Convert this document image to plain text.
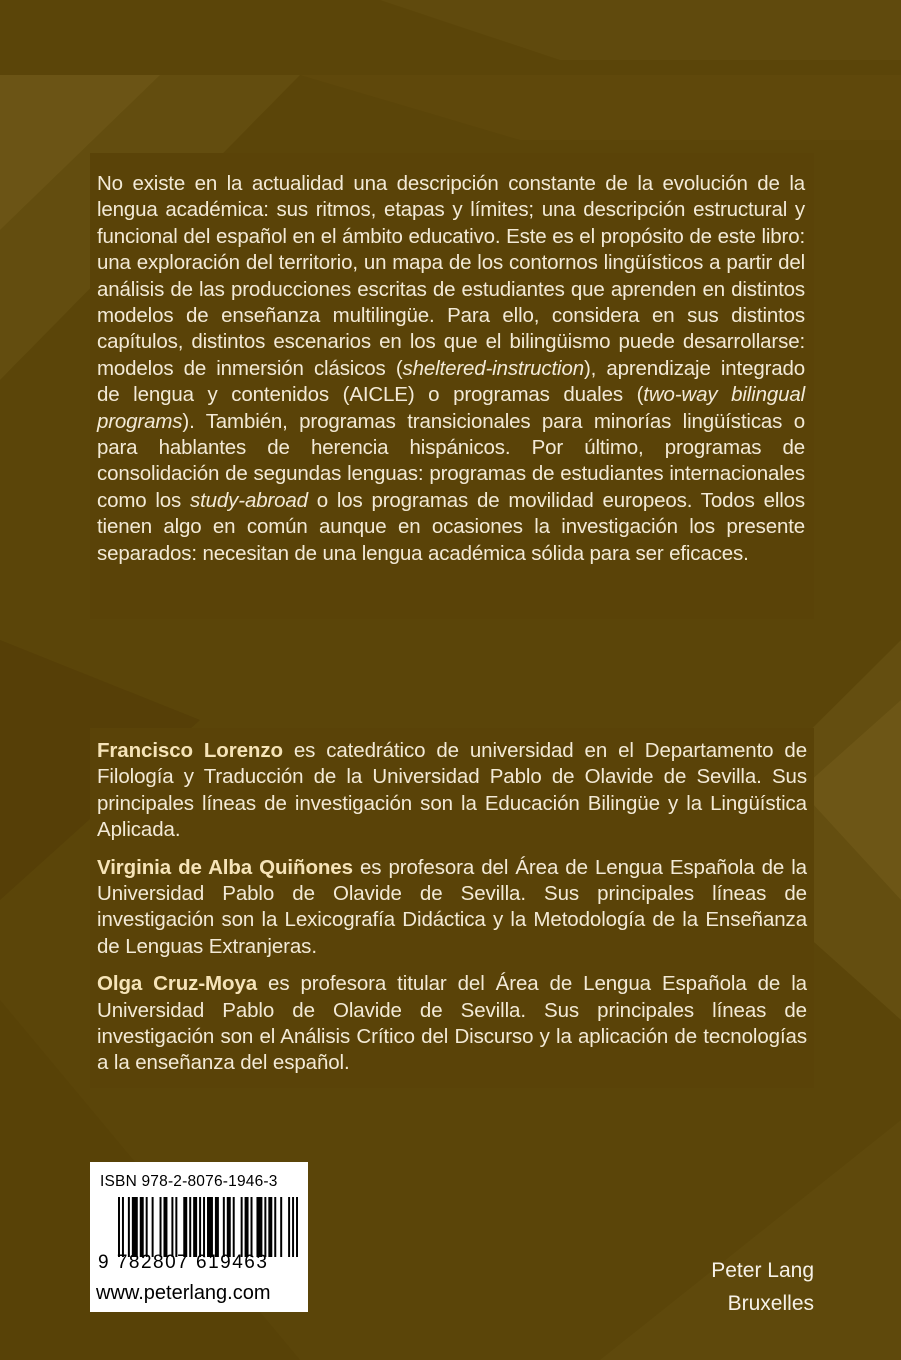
No existe en la actualidad una descripción constante de la evolución de la lengua académica: sus ritmos, etapas y límites; una descripción estructural y funcional del español en el ámbito educativo. Este es el propósito de este libro: una exploración del territorio, un mapa de los contornos lingüísticos a partir del análisis de las producciones escritas de estudiantes que aprenden en distintos modelos de enseñanza multilingüe. Para ello, considera en sus distintos capítulos, distintos escenarios en los que el bilingüismo puede desarrollarse: modelos de inmersión clásicos (sheltered-instruction), aprendizaje integrado de lengua y contenidos (AICLE) o programas duales (two-way bilingual programs). También, programas transicionales para minorías lingüísticas o para hablantes de herencia hispánicos. Por último, programas de consolidación de segundas lenguas: programas de estudiantes internacionales como los study-abroad o los programas de movilidad europeos. Todos ellos tienen algo en común aunque en ocasiones la investigación los presente separados: necesitan de una lengua académica sólida para ser eficaces.

Francisco Lorenzo es catedrático de universidad en el Departamento de Filología y Traducción de la Universidad Pablo de Olavide de Sevilla. Sus principales líneas de investigación son la Educación Bilingüe y la Lingüística Aplicada.

Virginia de Alba Quiñones es profesora del Área de Lengua Española de la Universidad Pablo de Olavide de Sevilla. Sus principales líneas de investigación son la Lexicografía Didáctica y la Metodología de la Enseñanza de Lenguas Extranjeras.

Olga Cruz-Moya es profesora titular del Área de Lengua Española de la Universidad Pablo de Olavide de Sevilla. Sus principales líneas de investigación son el Análisis Crítico del Discurso y la aplicación de tecnologías a la enseñanza del español.

ISBN 978-2-8076-1946-3
9 782807 619463
www.peterlang.com
Peter Lang
Bruxelles
